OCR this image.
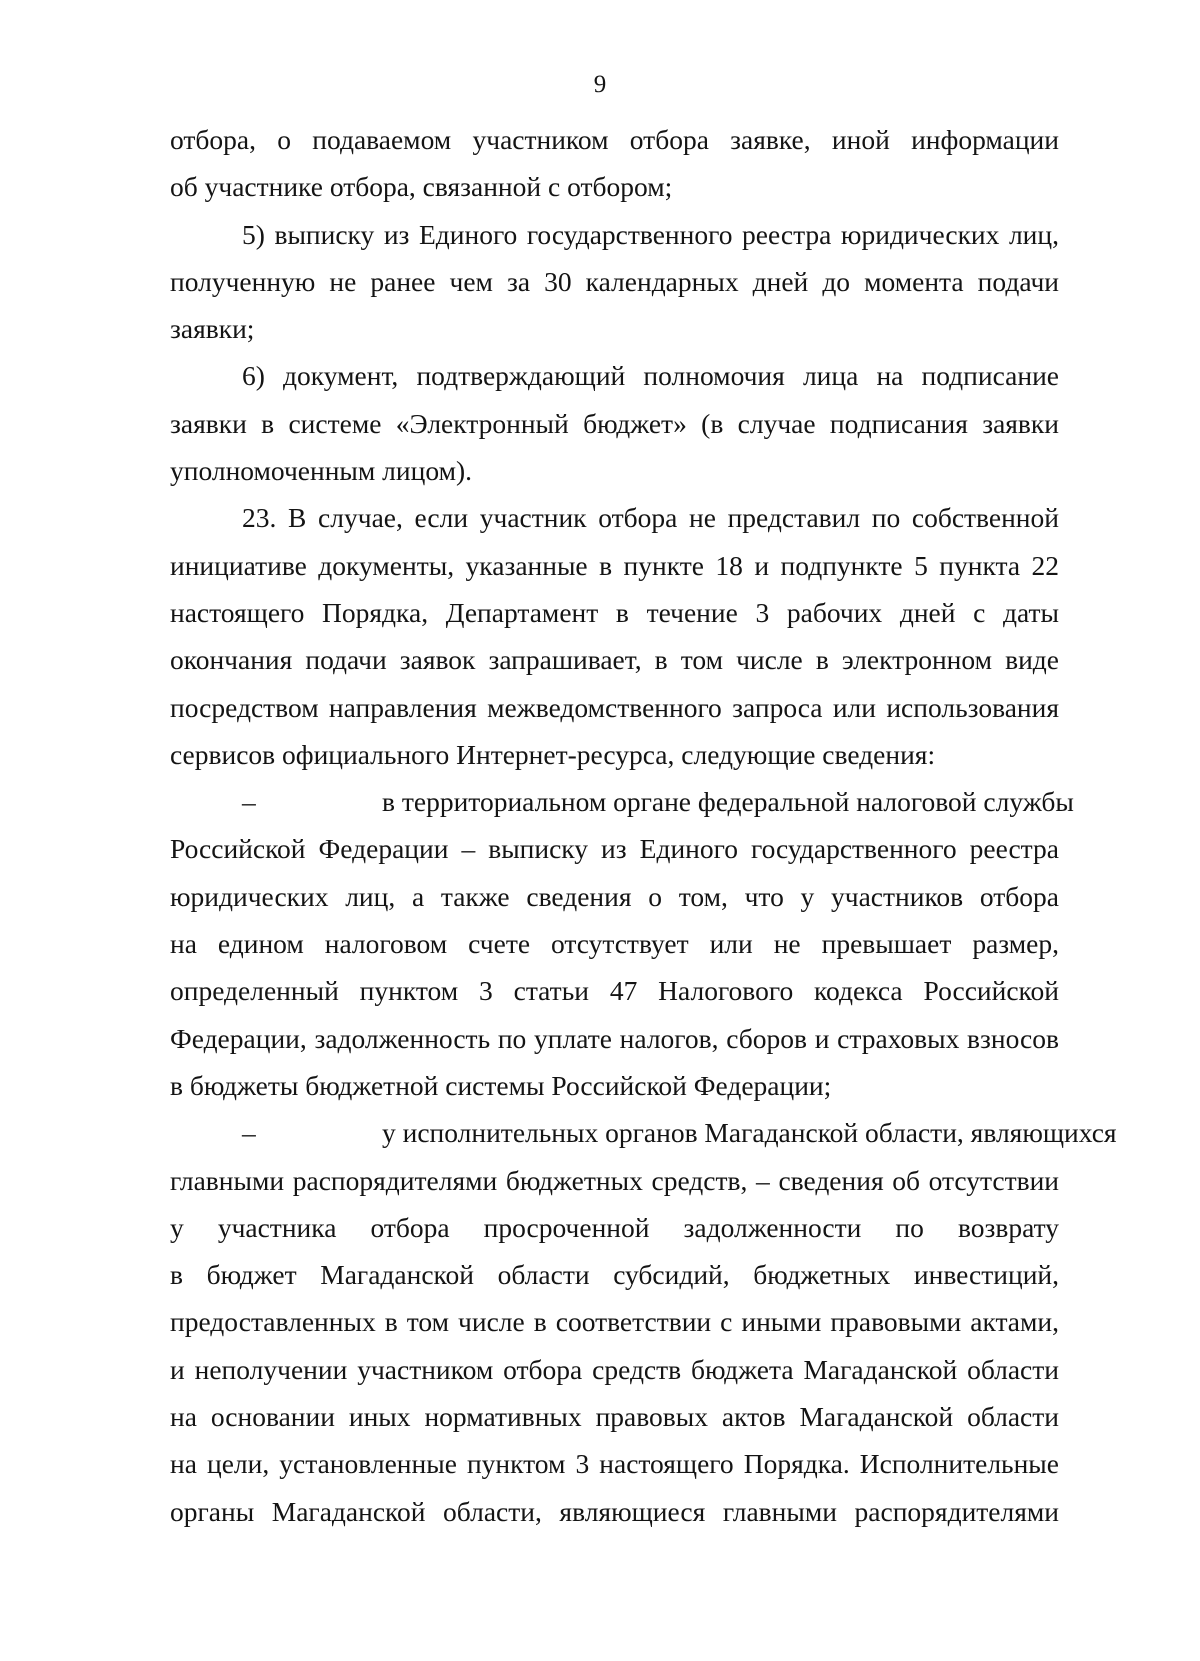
9
отбора, о подаваемом участником отбора заявке, иной информации
об участнике отбора, связанной с отбором;
5) выписку из Единого государственного реестра юридических лиц,
полученную не ранее чем за 30 календарных дней до момента подачи
заявки;
6) документ, подтверждающий полномочия лица на подписание
заявки в системе «Электронный бюджет» (в случае подписания заявки
уполномоченным лицом).
23. В случае, если участник отбора не представил по собственной
инициативе документы, указанные в пункте 18 и подпункте 5 пункта 22
настоящего Порядка, Департамент в течение 3 рабочих дней с даты
окончания подачи заявок запрашивает, в том числе в электронном виде
посредством направления межведомственного запроса или использования
сервисов официального Интернет-ресурса, следующие сведения:
–	в территориальном органе федеральной налоговой службы
Российской Федерации – выписку из Единого государственного реестра
юридических лиц, а также сведения о том, что у участников отбора
на едином налоговом счете отсутствует или не превышает размер,
определенный пунктом 3 статьи 47 Налогового кодекса Российской
Федерации, задолженность по уплате налогов, сборов и страховых взносов
в бюджеты бюджетной системы Российской Федерации;
–	у исполнительных органов Магаданской области, являющихся
главными распорядителями бюджетных средств, – сведения об отсутствии
у участника отбора просроченной задолженности по возврату
в бюджет Магаданской области субсидий, бюджетных инвестиций,
предоставленных в том числе в соответствии с иными правовыми актами,
и неполучении участником отбора средств бюджета Магаданской области
на основании иных нормативных правовых актов Магаданской области
на цели, установленные пунктом 3 настоящего Порядка. Исполнительные
органы Магаданской области, являющиеся главными распорядителями
